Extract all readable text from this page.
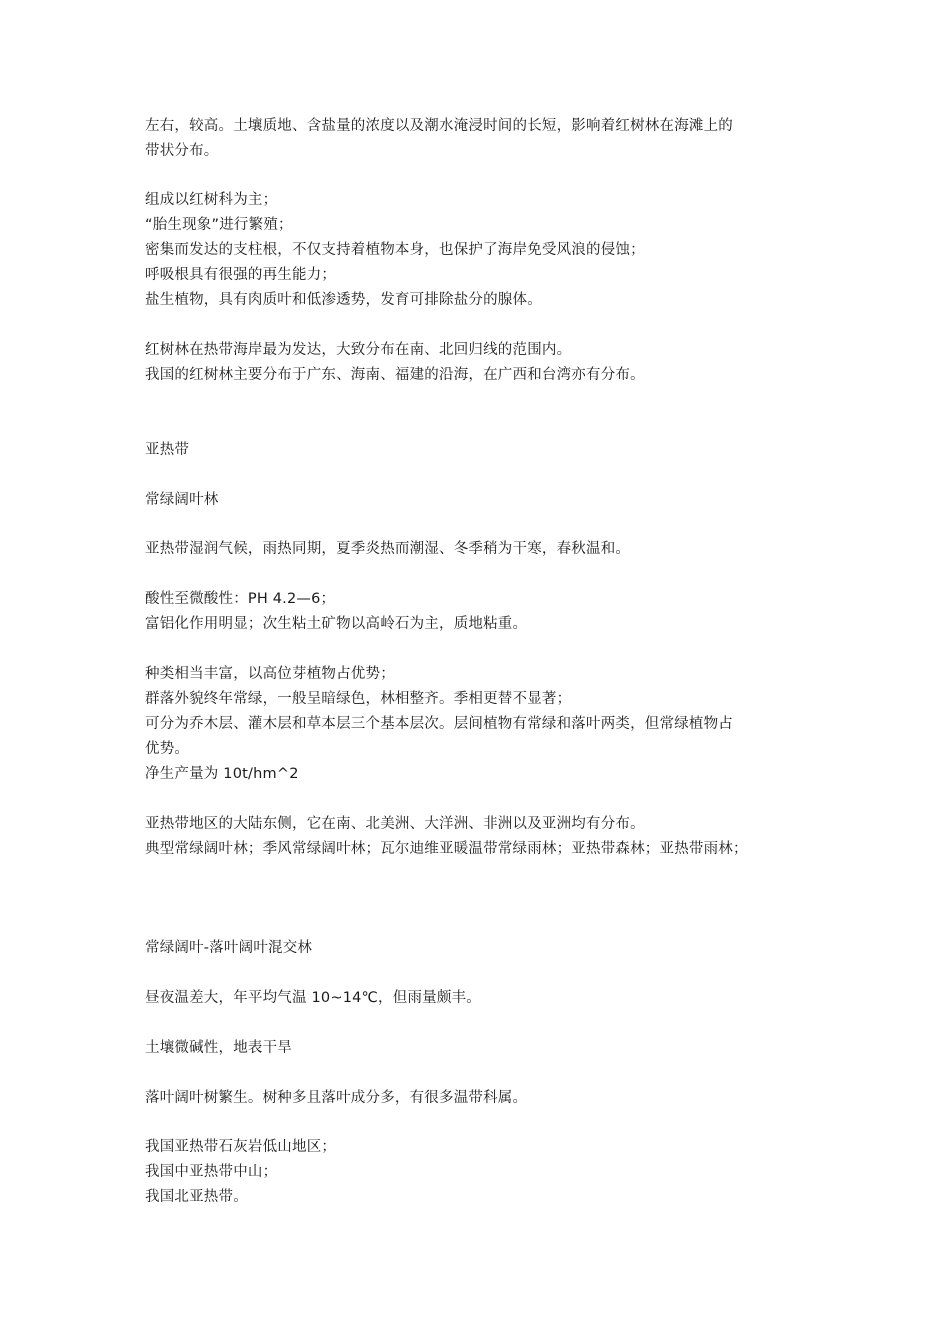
左右，较高。土壤质地、含盐量的浓度以及潮水淹浸时间的长短，影响着红树林在海滩上的
带状分布。
组成以红树科为主；
“胎生现象”进行繁殖；
密集而发达的支柱根，不仅支持着植物本身，也保护了海岸免受风浪的侵蚀；
呼吸根具有很强的再生能力；
盐生植物，具有肉质叶和低渗透势，发育可排除盐分的腺体。
红树林在热带海岸最为发达，大致分布在南、北回归线的范围内。
我国的红树林主要分布于广东、海南、福建的沿海，在广西和台湾亦有分布。
亚热带
常绿阔叶林
亚热带湿润气候，雨热同期，夏季炎热而潮湿、冬季稍为干寒，春秋温和。
酸性至微酸性：PH 4.2—6；
富铝化作用明显；次生粘土矿物以高岭石为主，质地粘重。
种类相当丰富，以高位芽植物占优势；
群落外貌终年常绿，一般呈暗绿色，林相整齐。季相更替不显著；
可分为乔木层、灌木层和草本层三个基本层次。层间植物有常绿和落叶两类，但常绿植物占
优势。
净生产量为 10t/hm^2
亚热带地区的大陆东侧，它在南、北美洲、大洋洲、非洲以及亚洲均有分布。
典型常绿阔叶林；季风常绿阔叶林；瓦尔迪维亚暖温带常绿雨林；亚热带森林；亚热带雨林；
常绿阔叶-落叶阔叶混交林
昼夜温差大，年平均气温 10~14℃，但雨量颇丰。
土壤微碱性，地表干旱
落叶阔叶树繁生。树种多且落叶成分多，有很多温带科属。
我国亚热带石灰岩低山地区；
我国中亚热带中山；
我国北亚热带。
